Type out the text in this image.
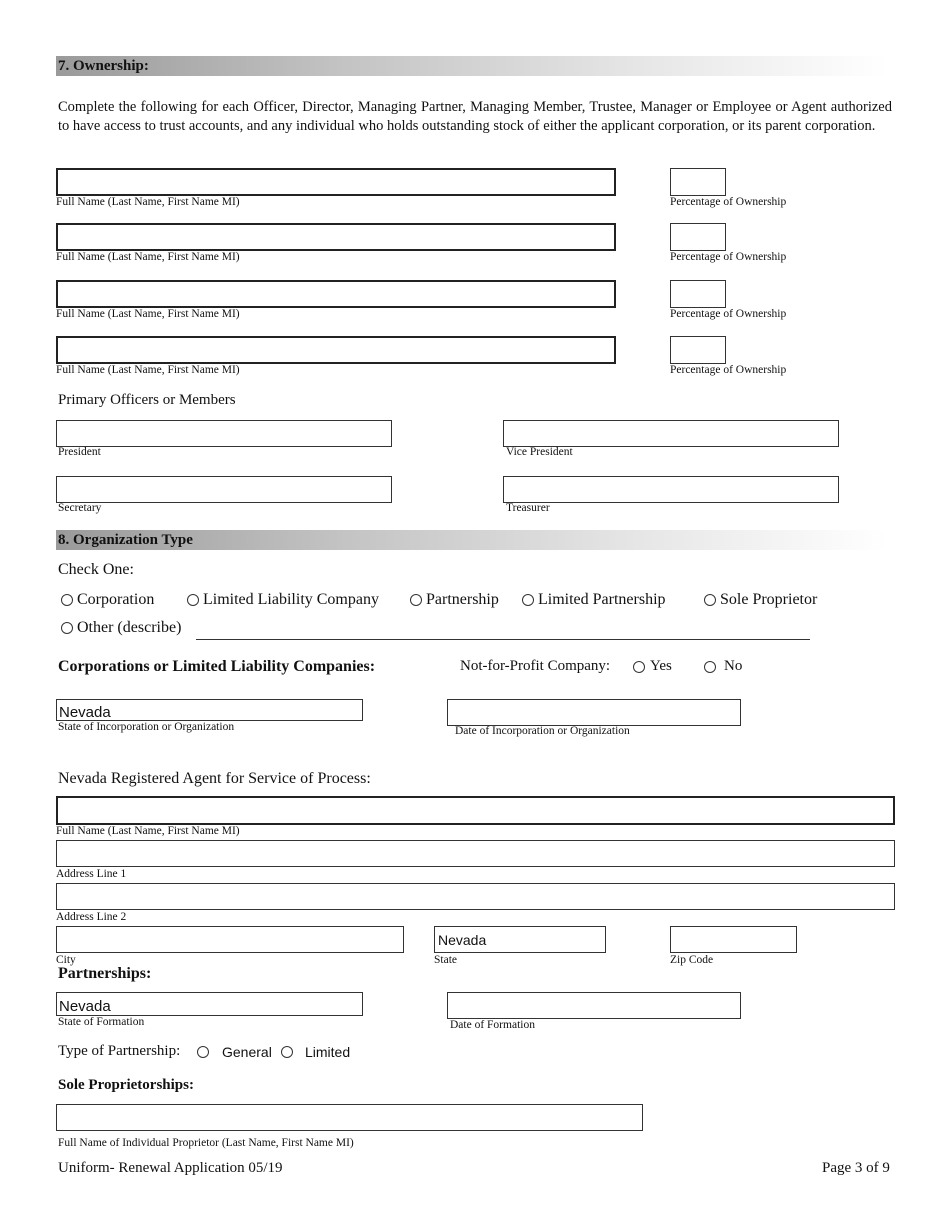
7. Ownership:
Complete the following for each Officer, Director, Managing Partner, Managing Member, Trustee, Manager or Employee or Agent authorized to have access to trust accounts, and any individual who holds outstanding stock of either the applicant corporation, or its parent corporation.
Full Name (Last Name, First Name MI)	Percentage of Ownership
Full Name (Last Name, First Name MI)	Percentage of Ownership
Full Name (Last Name, First Name MI)	Percentage of Ownership
Full Name (Last Name, First Name MI)	Percentage of Ownership
Primary Officers or Members
President	Vice President
Secretary	Treasurer
8. Organization Type
Check One:
Corporation	Limited Liability Company	Partnership Limited Partnership	Sole Proprietor
Other (describe)
Corporations or Limited Liability Companies:	Not-for-Profit Company:	Yes	No
Nevada
State of Incorporation or Organization	Date of Incorporation or Organization
Nevada Registered Agent for Service of Process:
Full Name (Last Name, First Name MI)
Address Line 1
Address Line 2
City
Nevada
State	Zip Code
Partnerships:
Nevada
State of Formation	Date of Formation
Type of Partnership:	General Limited
Sole Proprietorships:
Full Name of Individual Proprietor (Last Name, First Name MI)
Uniform- Renewal Application 05/19	Page 3 of 9
